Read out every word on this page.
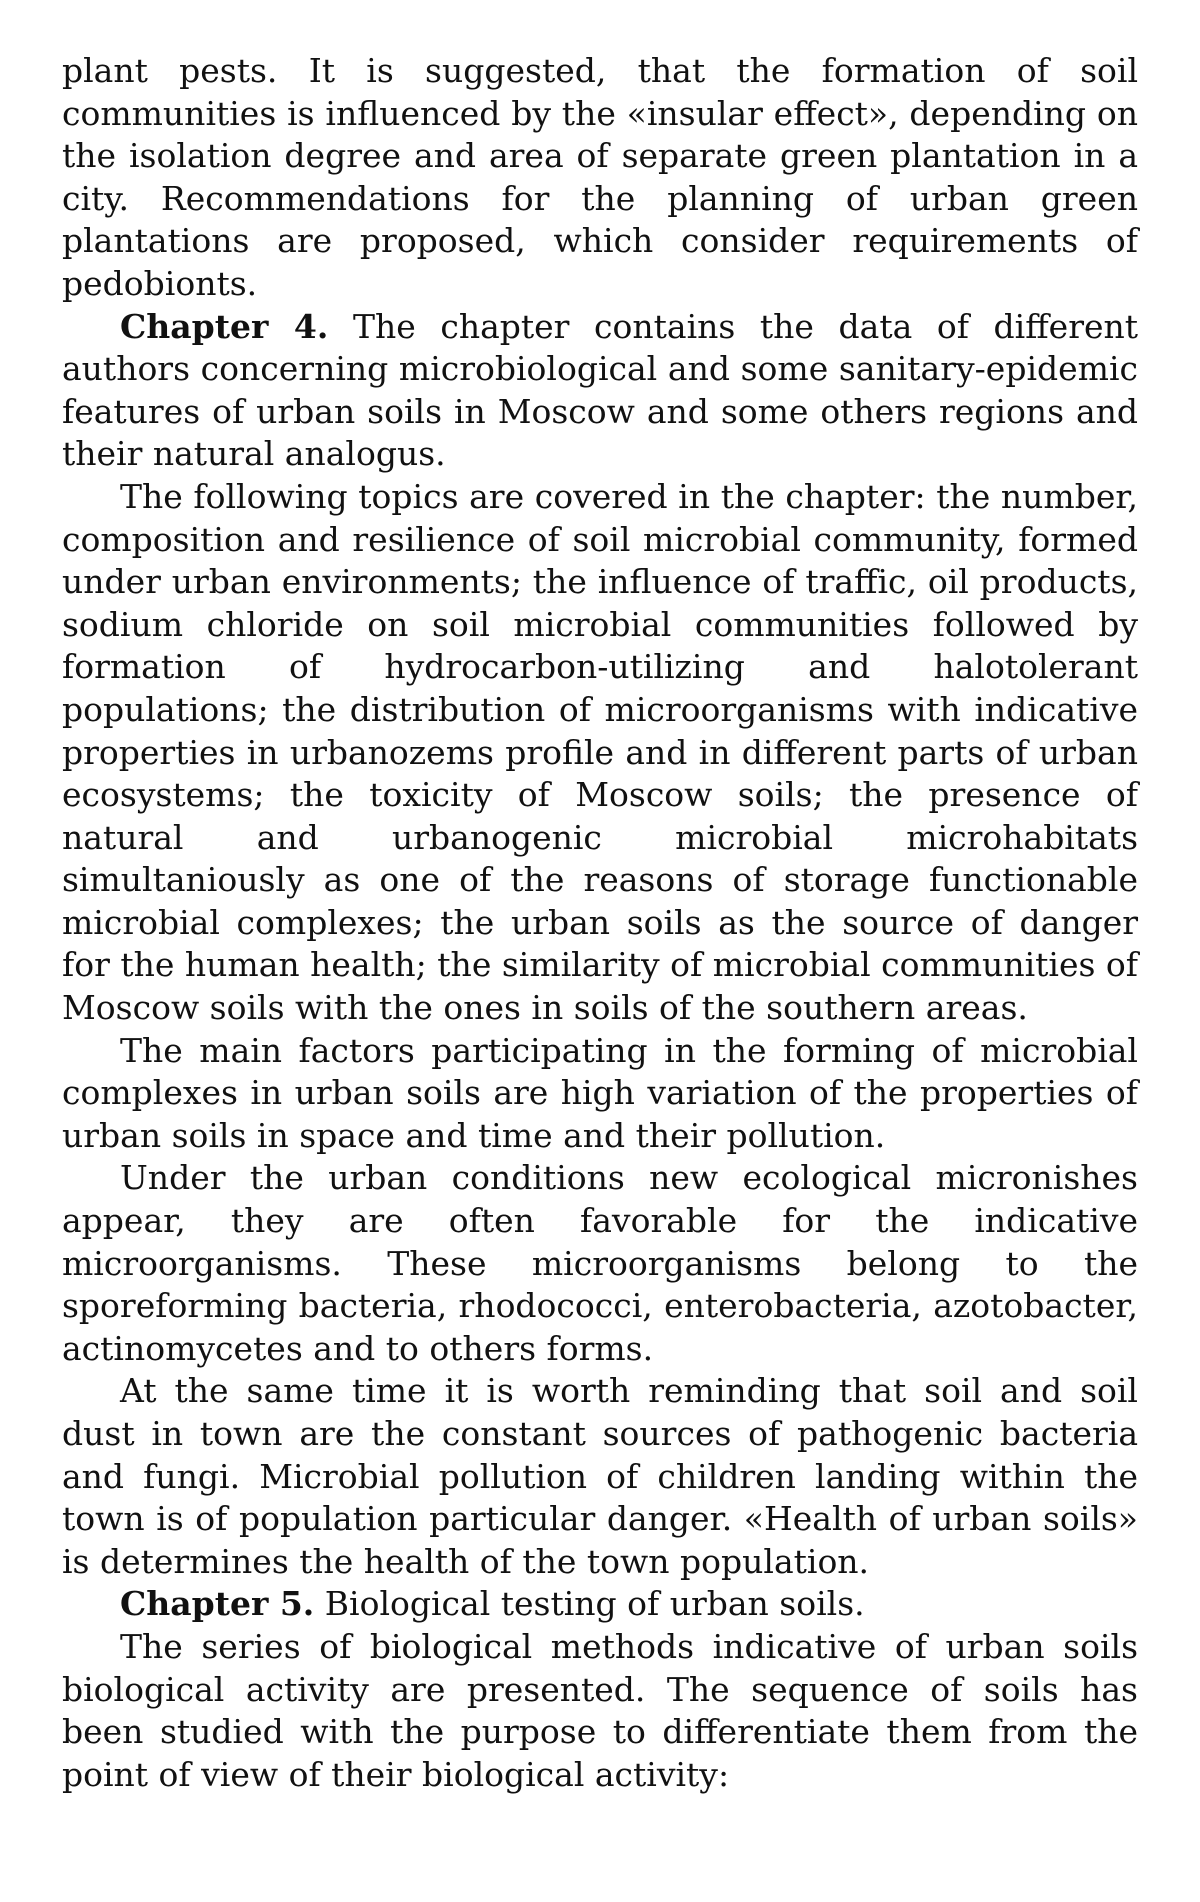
plant pests. It is suggested, that the formation of soil communities is influenced by the «insular effect», depending on the isolation degree and area of separate green plantation in a city. Recommendations for the planning of urban green plantations are proposed, which consider requirements of pedobionts.

Chapter 4. The chapter contains the data of different authors concerning microbiological and some sanitary-epidemic features of urban soils in Moscow and some others regions and their natural analogus.

The following topics are covered in the chapter: the number, composition and resilience of soil microbial community, formed under urban environments; the influence of traffic, oil products, sodium chloride on soil microbial communities followed by formation of hydrocarbon-utilizing and halotolerant populations; the distribution of microorganisms with indicative properties in urbanozems profile and in different parts of urban ecosystems; the toxicity of Moscow soils; the presence of natural and urbanogenic microbial microhabitats simultaniously as one of the reasons of storage functionable microbial complexes; the urban soils as the source of danger for the human health; the similarity of microbial communities of Moscow soils with the ones in soils of the southern areas.

The main factors participating in the forming of microbial complexes in urban soils are high variation of the properties of urban soils in space and time and their pollution.

Under the urban conditions new ecological micronishes appear, they are often favorable for the indicative microorganisms. These microorganisms belong to the sporeforming bacteria, rhodococci, enterobacteria, azotobacter, actinomycetes and to others forms.

At the same time it is worth reminding that soil and soil dust in town are the constant sources of pathogenic bacteria and fungi. Microbial pollution of children landing within the town is of population particular danger. «Health of urban soils» is determines the health of the town population.

Chapter 5. Biological testing of urban soils.

The series of biological methods indicative of urban soils biological activity are presented. The sequence of soils has been studied with the purpose to differentiate them from the point of view of their biological activity:
